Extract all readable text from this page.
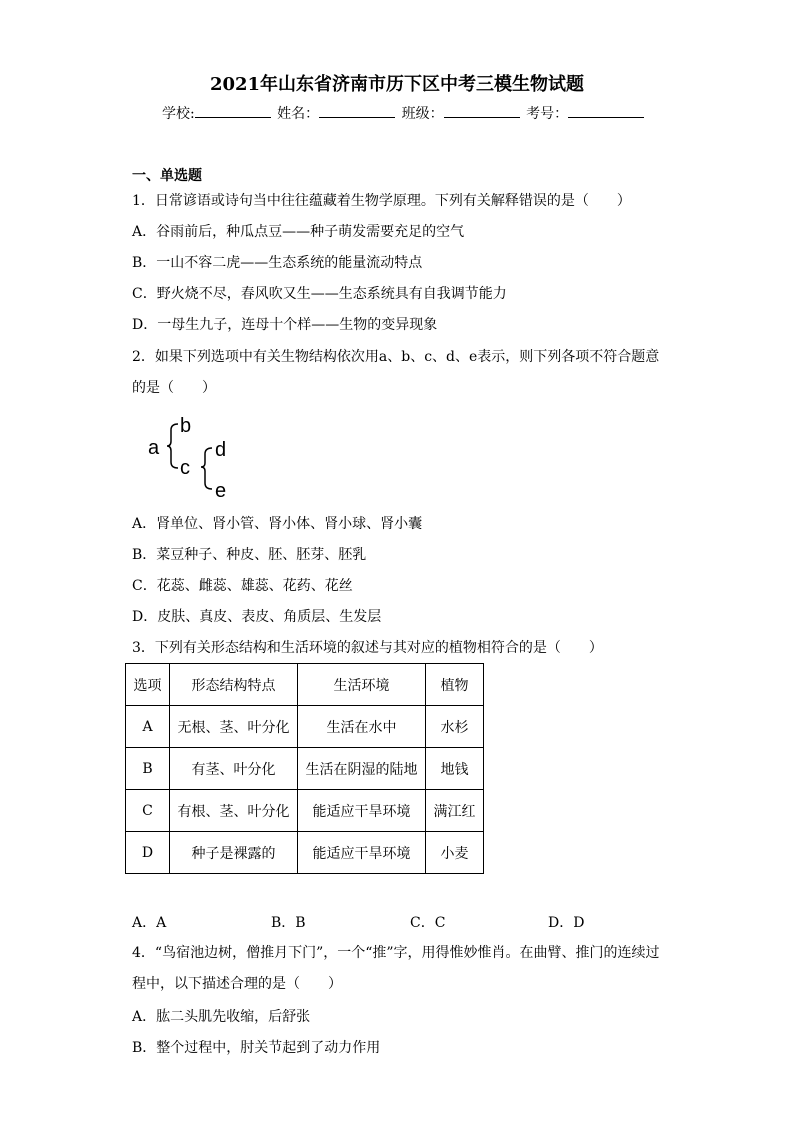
2021年山东省济南市历下区中考三模生物试题
学校:	姓名：	班级：	考号：
一、单选题
1．日常谚语或诗句当中往往蕴藏着生物学原理。下列有关解释错误的是（　　）
A．谷雨前后，种瓜点豆——种子萌发需要充足的空气
B．一山不容二虎——生态系统的能量流动特点
C．野火烧不尽，春风吹又生——生态系统具有自我调节能力
D．一母生九子，连母十个样——生物的变异现象
2．如果下列选项中有关生物结构依次用a、b、c、d、e表示，则下列各项不符合题意
的是（　　）
a
b
c
d
e
A．肾单位、肾小管、肾小体、肾小球、肾小囊
B．菜豆种子、种皮、胚、胚芽、胚乳
C．花蕊、雌蕊、雄蕊、花药、花丝
D．皮肤、真皮、表皮、角质层、生发层
3．下列有关形态结构和生活环境的叙述与其对应的植物相符合的是（　　）
选项	形态结构特点	生活环境	植物
A	无根、茎、叶分化	生活在水中	水杉
B	有茎、叶分化	生活在阴湿的陆地	地钱
C	有根、茎、叶分化	能适应干旱环境	满江红
D	种子是裸露的	能适应干旱环境	小麦
A．A	B．B	C．C	D．D
4．“鸟宿池边树，僧推月下门”，一个“推”字，用得惟妙惟肖。在曲臂、推门的连续过
程中，以下描述合理的是（　　）
A．肱二头肌先收缩，后舒张
B．整个过程中，肘关节起到了动力作用
